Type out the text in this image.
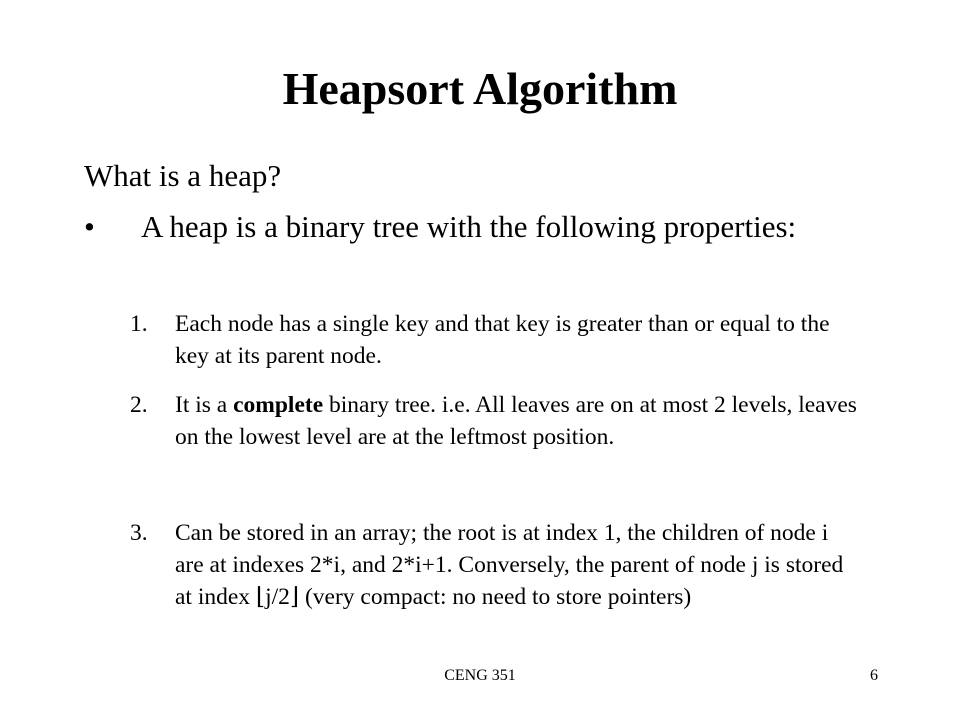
Heapsort Algorithm
What is a heap?
• A heap is a binary tree with the following properties:
1. Each node has a single key and that key is greater than or equal to the key at its parent node.
2. It is a complete binary tree. i.e. All leaves are on at most 2 levels, leaves on the lowest level are at the leftmost position.
3. Can be stored in an array; the root is at index 1, the children of node i are at indexes 2*i, and 2*i+1. Conversely, the parent of node j is stored at index ⌊j/2⌋ (very compact: no need to store pointers)
CENG 351	6
